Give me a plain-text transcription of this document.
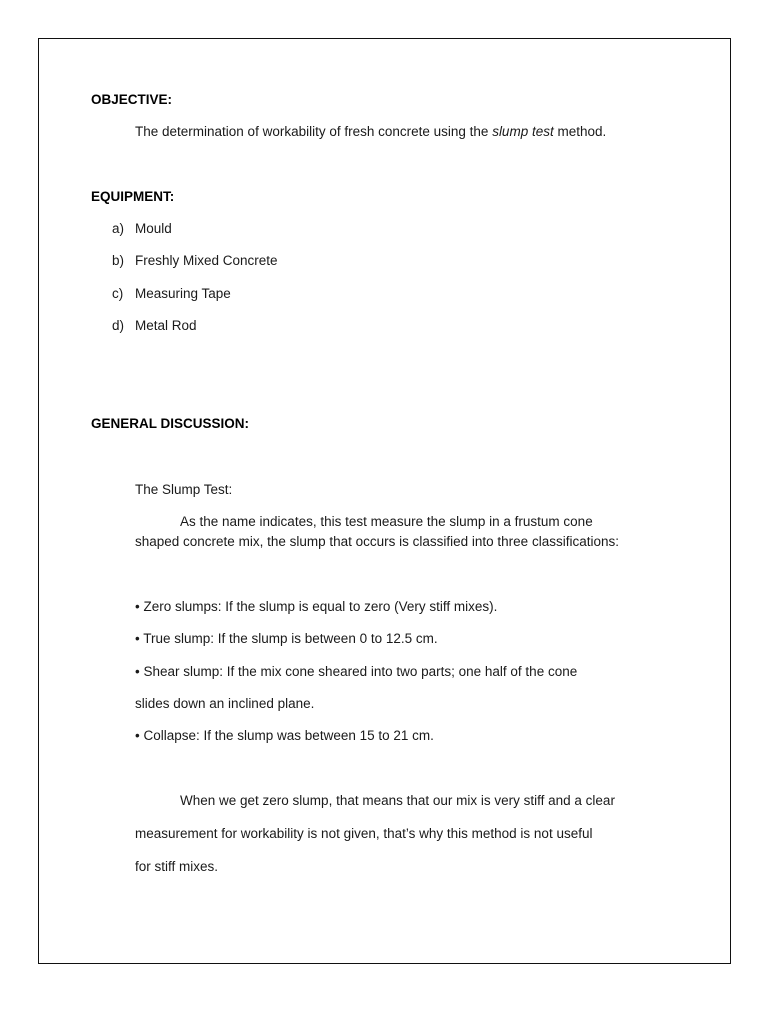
OBJECTIVE:

The determination of workability of fresh concrete using the slump test method.

EQUIPMENT:
a) Mould
b) Freshly Mixed Concrete
c) Measuring Tape
d) Metal Rod
GENERAL DISCUSSION:

The Slump Test:

As the name indicates, this test measure the slump in a frustum cone

shaped concrete mix, the slump that occurs is classified into three classifications:

• Zero slumps: If the slump is equal to zero (Very stiff mixes).

• True slump: If the slump is between 0 to 12.5 cm.

• Shear slump: If the mix cone sheared into two parts; one half of the cone

slides down an inclined plane.

• Collapse: If the slump was between 15 to 21 cm.

When we get zero slump, that means that our mix is very stiff and a clear

measurement for workability is not given, that’s why this method is not useful

for stiff mixes.
